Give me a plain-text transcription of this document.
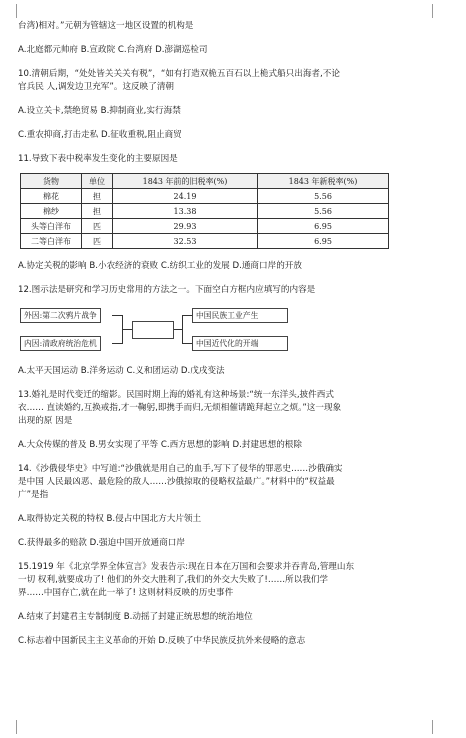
台湾)相对。”元朝为管辖这一地区设置的机构是

A.北庭都元帅府 B.宣政院 C.台湾府 D.澎湖巡检司

10.清朝后期，“处处皆关关关有税”，“如有打造双桅五百石以上桅式船只出海者,不论

官兵民 人,调发边卫充军”。这反映了清朝

A.设立关卡,禁绝贸易 B.抑制商业,实行海禁

C.重农抑商,打击走私 D.征收重税,阻止商贸

11.导致下表中税率发生变化的主要原因是

货物	单位	1843 年前的旧税率(%)	1843 年新税率(%)
棉花	担	24.19	5.56
棉纱	担	13.38	5.56
头等白洋布	匹	29.93	6.95
二等白洋布	匹	32.53	6.95

A.协定关税的影响 B.小农经济的衰败 C.纺织工业的发展 D.通商口岸的开放

12.图示法是研究和学习历史常用的方法之一。下面空白方框内应填写的内容是

外因:第二次鸦片战争
内因:清政府统治危机
中国民族工业产生
中国近代化的开端

A.太平天国运动 B.洋务运动 C.义和团运动 D.戊戌变法

13.婚礼是时代变迁的缩影。民国时期上海的婚礼有这种场景:“统一东洋头,披件西式

衣…… 直读婚约,互换戒指,才一鞠躬,即携手而归,无烦相催请跪拜起立之烦。”这一现象

出现的原 因是

A.大众传媒的普及 B.男女实现了平等 C.西方思想的影响 D.封建思想的根除

14.《沙俄侵华史》中写道:“沙俄就是用自己的血手,写下了侵华的罪恶史……沙俄确实

是中国 人民最凶恶、最危险的敌人……沙俄掠取的侵略权益最广。”材料中的“权益最

广”是指

A.取得协定关税的特权 B.侵占中国北方大片领土

C.获得最多的赔款 D.强迫中国开放通商口岸

15.1919 年《北京学界全体宣言》发表告示:现在日本在万国和会要求并吞青岛,管理山东

一切 权利,就要成功了! 他们的外交大胜利了,我们的外交大失败了!……所以我们学

界……中国存亡,就在此一举了! 这则材料反映的历史事件

A.结束了封建君主专制制度 B.动摇了封建正统思想的统治地位

C.标志着中国新民主主义革命的开始 D.反映了中华民族反抗外来侵略的意志
